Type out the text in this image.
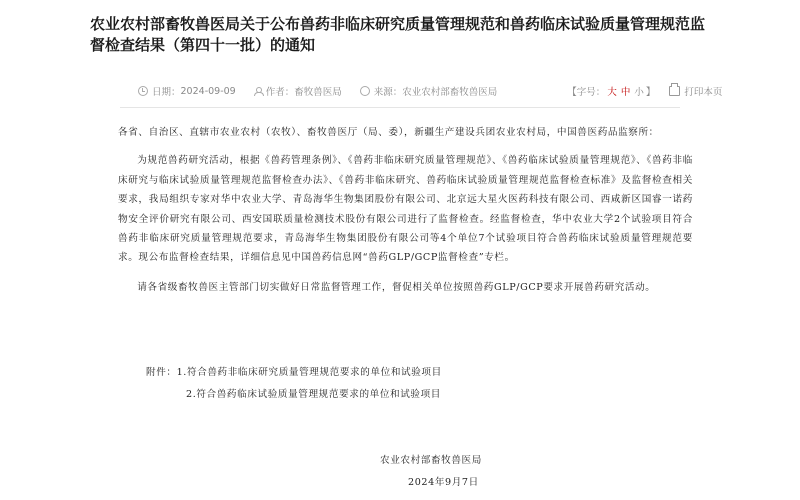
农业农村部畜牧兽医局关于公布兽药非临床研究质量管理规范和兽药临床试验质量管理规范监督检查结果（第四十一批）的通知
日期： 2024-09-09	作者： 畜牧兽医局	来源： 农业农村部畜牧兽医局	【字号： 大 中 小 】	打印本页

各省、自治区、直辖市农业农村（农牧）、畜牧兽医厅（局、委），新疆生产建设兵团农业农村局，中国兽医药品监察所：

为规范兽药研究活动，根据《兽药管理条例》、《兽药非临床研究质量管理规范》、《兽药临床试验质量管理规范》、《兽药非临床研究与临床试验质量管理规范监督检查办法》、《兽药非临床研究、兽药临床试验质量管理规范监督检查标准》及监督检查相关要求，我局组织专家对华中农业大学、青岛海华生物集团股份有限公司、北京远大星火医药科技有限公司、西咸新区国睿一诺药物安全评价研究有限公司、西安国联质量检测技术股份有限公司进行了监督检查。经监督检查，华中农业大学2个试验项目符合兽药非临床研究质量管理规范要求，青岛海华生物集团股份有限公司等4个单位7个试验项目符合兽药临床试验质量管理规范要求。现公布监督检查结果，详细信息见中国兽药信息网“兽药GLP/GCP监督检查”专栏。

请各省级畜牧兽医主管部门切实做好日常监督管理工作，督促相关单位按照兽药GLP/GCP要求开展兽药研究活动。

附件：1.符合兽药非临床研究质量管理规范要求的单位和试验项目
2.符合兽药临床试验质量管理规范要求的单位和试验项目
农业农村部畜牧兽医局
2024年9月7日
